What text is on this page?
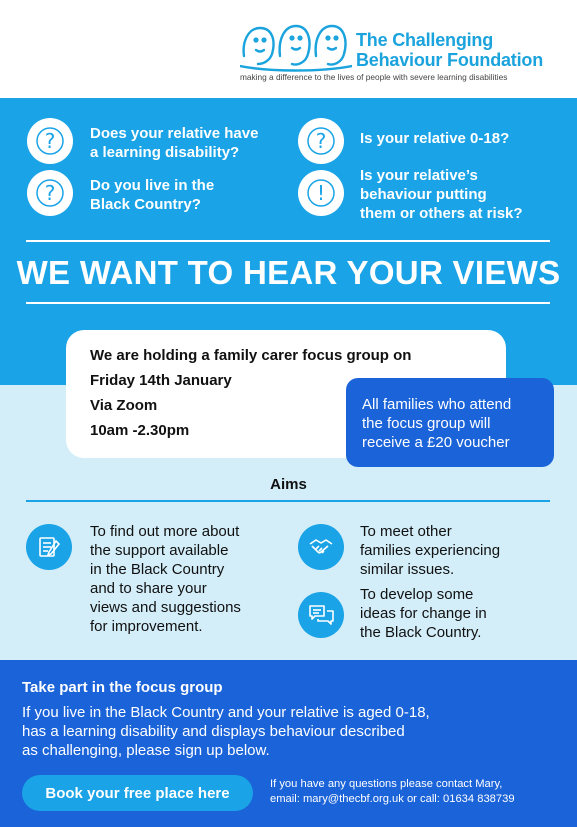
The Challenging
Behaviour Foundation
making a difference to the lives of people with severe learning disabilities
? Does your relative have
a learning disability?
? Do you live in the
Black Country?
? Is your relative 0-18?
!
Is your relative’s
behaviour putting
them or others at risk?
WE WANT TO HEAR YOUR VIEWS
We are holding a family carer focus group on
Friday 14th January
Via Zoom
10am -2.30pm
All families who attend
the focus group will
receive a £20 voucher
Aims
To find out more about
the support available
in the Black Country
and to share your
views and suggestions
for improvement.
To meet other
families experiencing
similar issues.
To develop some
ideas for change in
the Black Country.
Take part in the focus group
If you live in the Black Country and your relative is aged 0-18,
has a learning disability and displays behaviour described
as challenging, please sign up below.
Book your free place here
If you have any questions please contact Mary,
email: mary@thecbf.org.uk or call: 01634 838739
